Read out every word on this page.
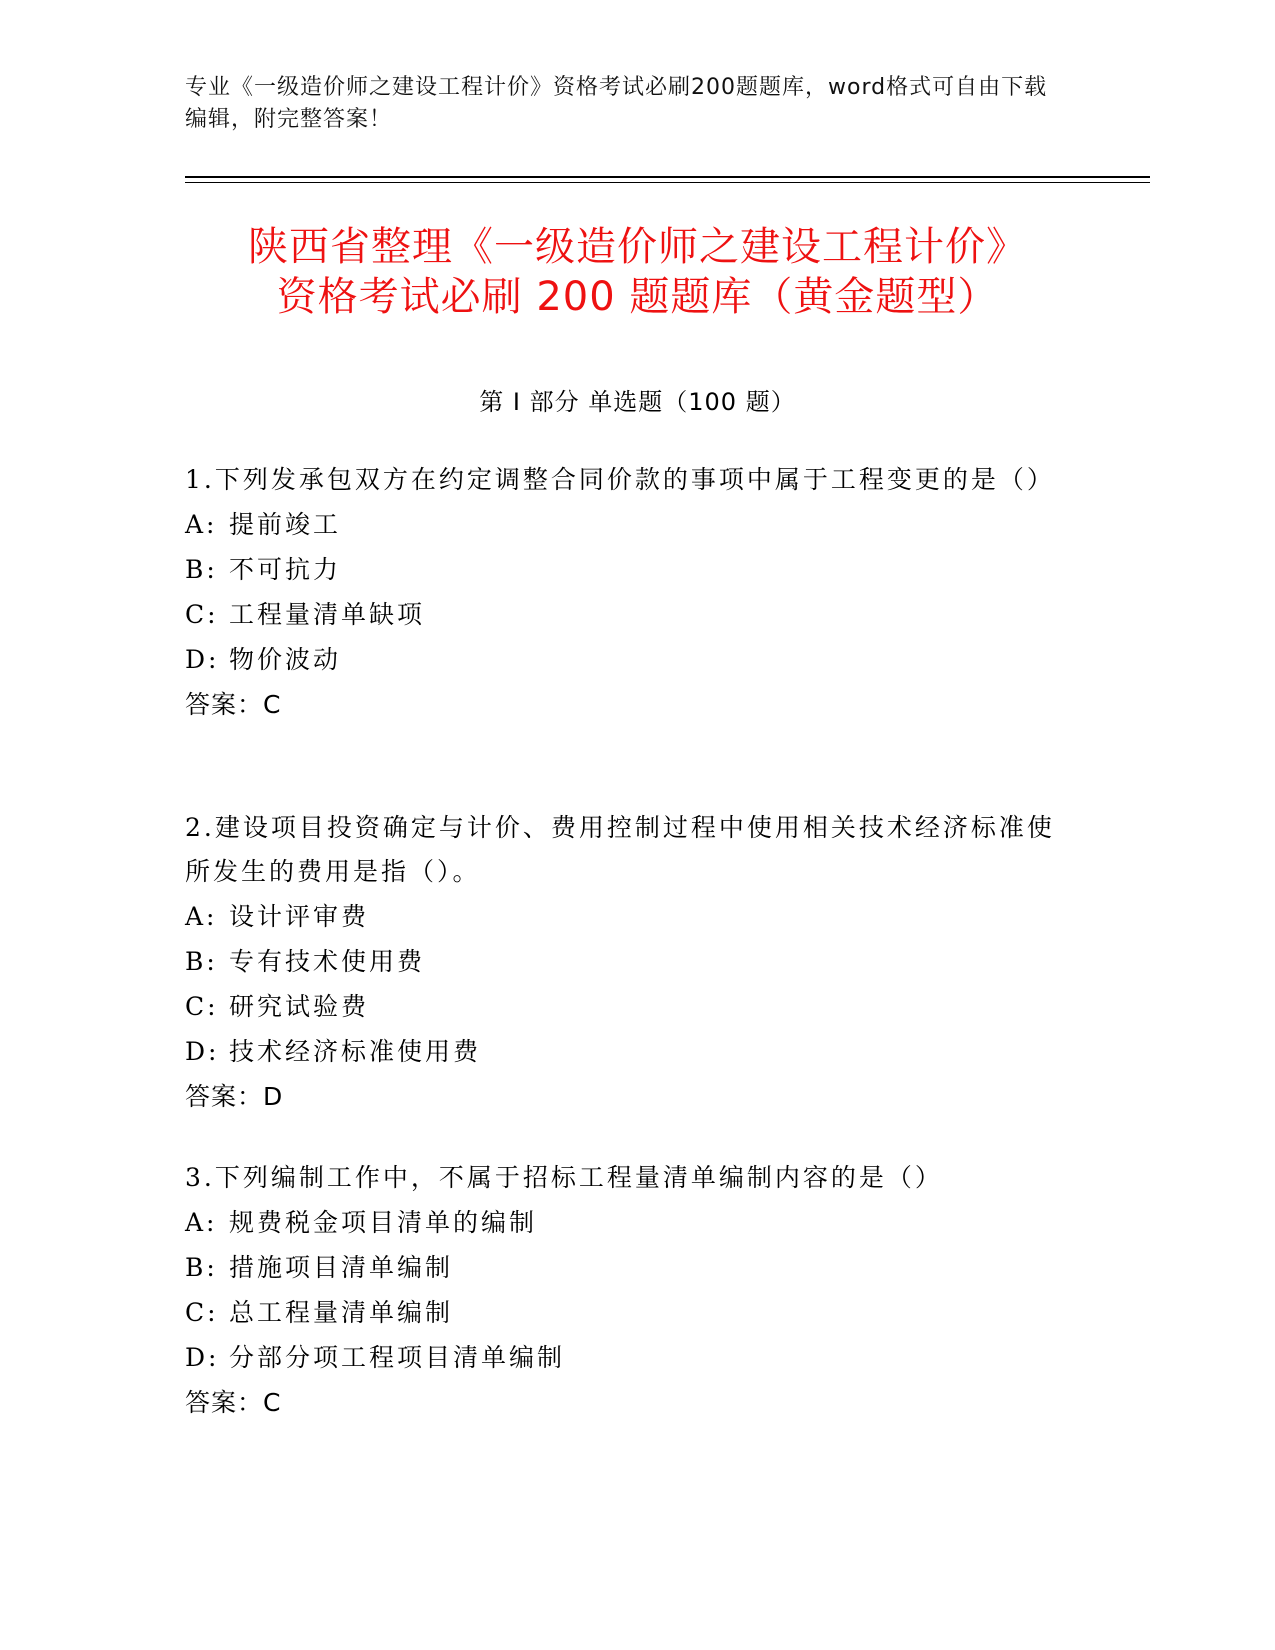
专业《一级造价师之建设工程计价》资格考试必刷200题题库，word格式可自由下载编辑，附完整答案！
陕西省整理《一级造价师之建设工程计价》
资格考试必刷 200 题题库（黄金题型）
第 I 部分 单选题（100 题）

1.下列发承包双方在约定调整合同价款的事项中属于工程变更的是（）

A: 提前竣工

B: 不可抗力

C: 工程量清单缺项

D: 物价波动

答案：C

2.建设项目投资确定与计价、费用控制过程中使用相关技术经济标准使所发生的费用是指（）。

A: 设计评审费

B: 专有技术使用费

C: 研究试验费

D: 技术经济标准使用费

答案：D

3.下列编制工作中，不属于招标工程量清单编制内容的是（）

A: 规费税金项目清单的编制

B: 措施项目清单编制

C: 总工程量清单编制

D: 分部分项工程项目清单编制

答案：C
